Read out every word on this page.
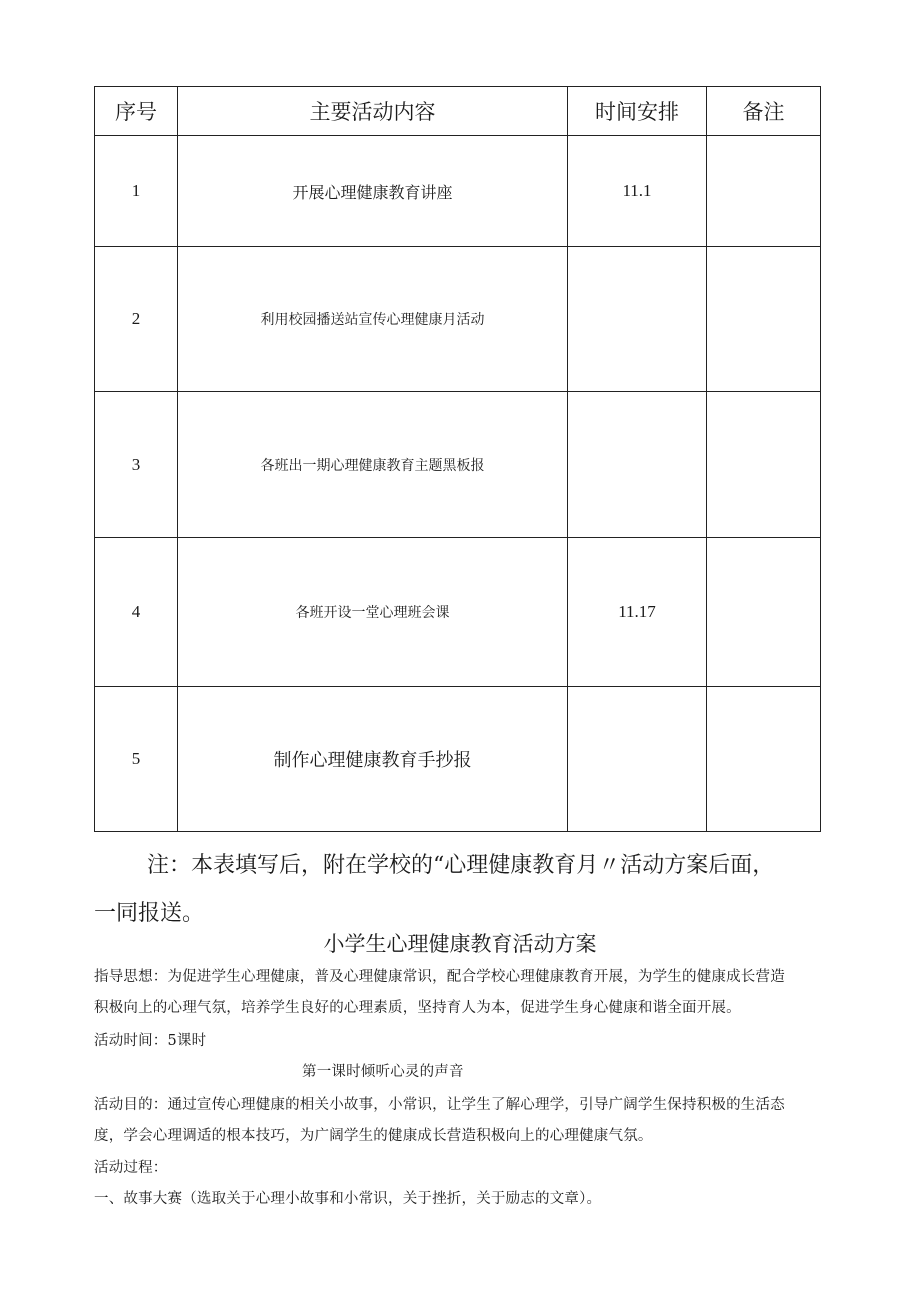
序号	主要活动内容	时间安排	备注
1	开展心理健康教育讲座	11.1	
2	利用校园播送站宣传心理健康月活动		
3	各班出一期心理健康教育主题黑板报		
4	各班开设一堂心理班会课	11.17	
5	制作心理健康教育手抄报		
注：本表填写后，附在学校的“心理健康教育月〃活动方案后面，
一同报送。
小学生心理健康教育活动方案
指导思想：为促进学生心理健康，普及心理健康常识，配合学校心理健康教育开展，为学生的健康成长营造
积极向上的心理气氛，培养学生良好的心理素质，坚持育人为本，促进学生身心健康和谐全面开展。
活动时间：5课时
第一课时倾听心灵的声音
活动目的：通过宣传心理健康的相关小故事，小常识，让学生了解心理学，引导广阔学生保持积极的生活态
度，学会心理调适的根本技巧，为广阔学生的健康成长营造积极向上的心理健康气氛。
活动过程：
一、故事大赛（选取关于心理小故事和小常识，关于挫折，关于励志的文章）。
